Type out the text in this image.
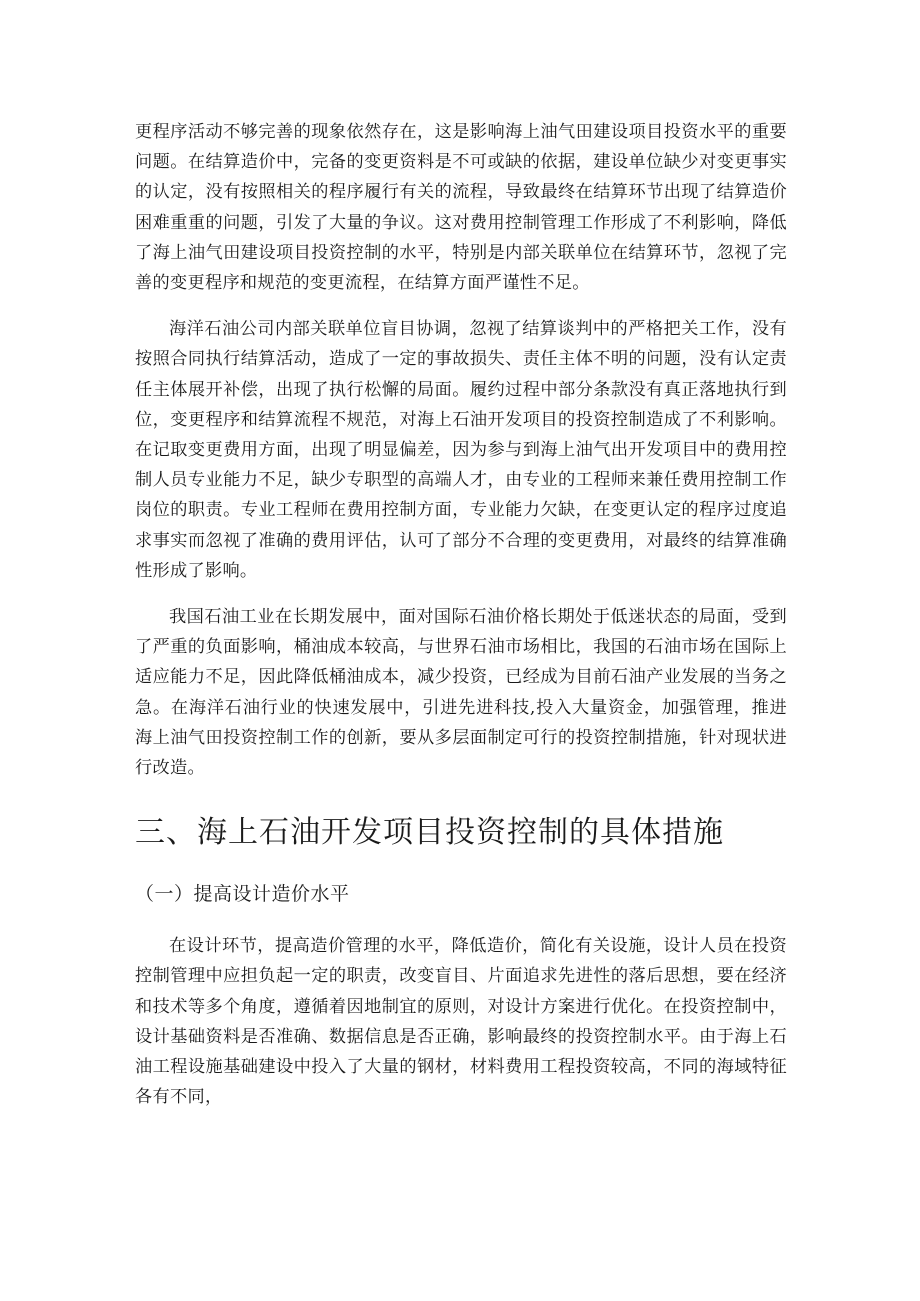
更程序活动不够完善的现象依然存在，这是影响海上油气田建设项目投资水平的重要问题。在结算造价中，完备的变更资料是不可或缺的依据，建设单位缺少对变更事实的认定，没有按照相关的程序履行有关的流程，导致最终在结算环节出现了结算造价困难重重的问题，引发了大量的争议。这对费用控制管理工作形成了不利影响，降低了海上油气田建设项目投资控制的水平，特别是内部关联单位在结算环节，忽视了完善的变更程序和规范的变更流程，在结算方面严谨性不足。

海洋石油公司内部关联单位盲目协调，忽视了结算谈判中的严格把关工作，没有按照合同执行结算活动，造成了一定的事故损失、责任主体不明的问题，没有认定责任主体展开补偿，出现了执行松懈的局面。履约过程中部分条款没有真正落地执行到位，变更程序和结算流程不规范，对海上石油开发项目的投资控制造成了不利影响。在记取变更费用方面，出现了明显偏差，因为参与到海上油气出开发项目中的费用控制人员专业能力不足，缺少专职型的高端人才，由专业的工程师来兼任费用控制工作岗位的职责。专业工程师在费用控制方面，专业能力欠缺，在变更认定的程序过度追求事实而忽视了准确的费用评估，认可了部分不合理的变更费用，对最终的结算准确性形成了影响。

我国石油工业在长期发展中，面对国际石油价格长期处于低迷状态的局面，受到了严重的负面影响，桶油成本较高，与世界石油市场相比，我国的石油市场在国际上适应能力不足，因此降低桶油成本，减少投资，已经成为目前石油产业发展的当务之急。在海洋石油行业的快速发展中，引进先进科技,投入大量资金，加强管理，推进海上油气田投资控制工作的创新，要从多层面制定可行的投资控制措施，针对现状进行改造。

三、海上石油开发项目投资控制的具体措施
（一）提高设计造价水平

在设计环节，提高造价管理的水平，降低造价，简化有关设施，设计人员在投资控制管理中应担负起一定的职责，改变盲目、片面追求先进性的落后思想，要在经济和技术等多个角度，遵循着因地制宜的原则，对设计方案进行优化。在投资控制中，设计基础资料是否准确、数据信息是否正确，影响最终的投资控制水平。由于海上石油工程设施基础建设中投入了大量的钢材，材料费用工程投资较高，不同的海域特征各有不同，
